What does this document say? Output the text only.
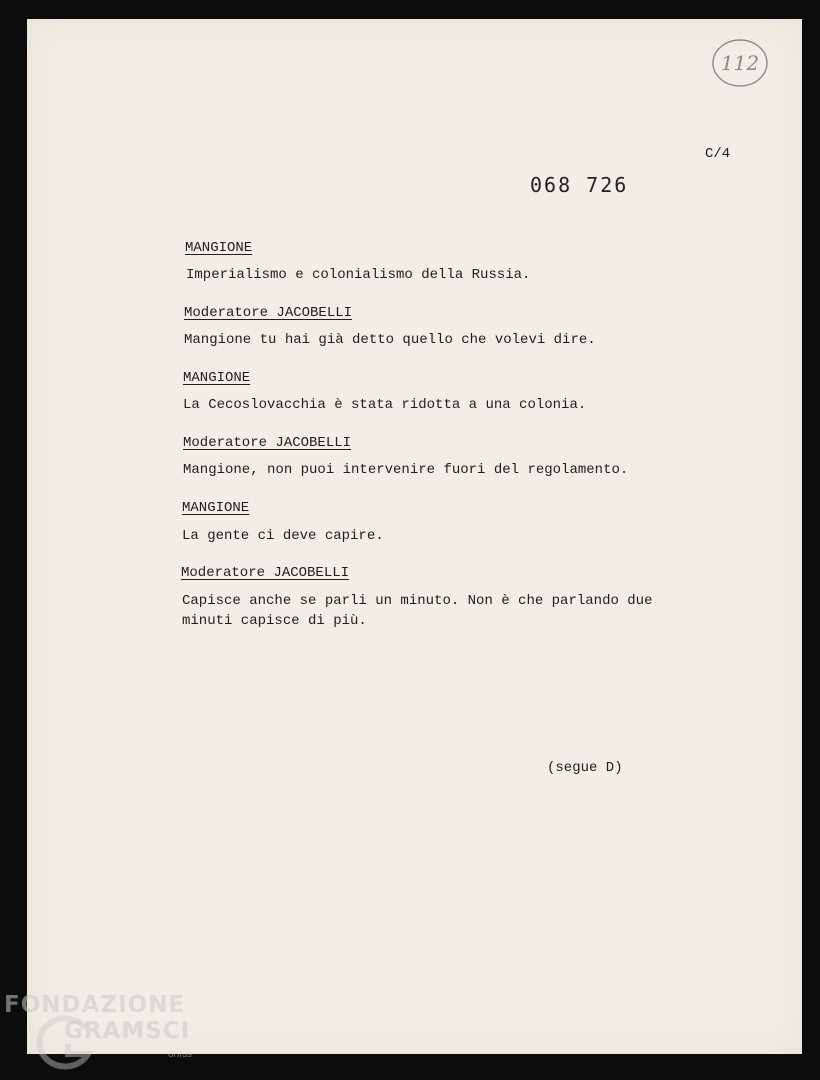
112
C/4
068 726
MANGIONE
Imperialismo e colonialismo della Russia.
Moderatore JACOBELLI
Mangione tu hai già detto quello che volevi dire.
MANGIONE
La Cecoslovacchia è stata ridotta a una colonia.
Moderatore JACOBELLI
Mangione, non puoi intervenire fuori del regolamento.
MANGIONE
La gente ci deve capire.
Moderatore JACOBELLI
Capisce anche se parli un minuto. Non è che parlando due
minuti capisce di più.
(segue D)
FONDAZIONE
GRAMSCI
onlus
